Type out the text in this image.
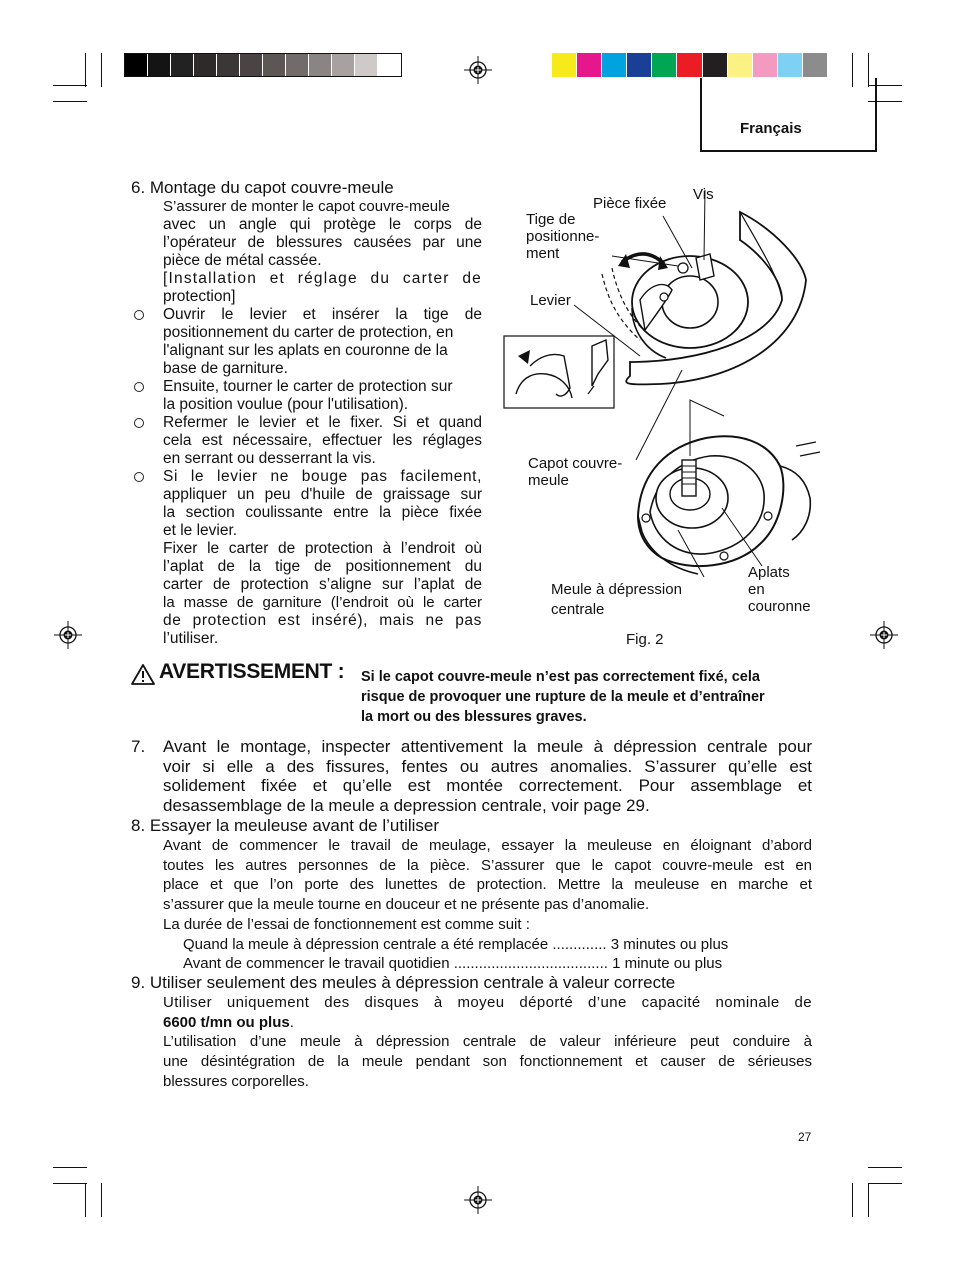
Français
6. Montage du capot couvre-meule
S’assurer de monter le capot couvre-meule
avec un angle qui protège le corps de
l’opérateur de blessures causées par une
pièce de métal cassée.
[Installation et réglage du carter de
protection]
Ouvrir le levier et insérer la tige de
positionnement du carter de protection, en
l'alignant sur les aplats en couronne de la
base de garniture.
Ensuite, tourner le carter de protection sur
la position voulue (pour l'utilisation).
Refermer le levier et le fixer. Si et quand
cela est nécessaire, effectuer les réglages
en serrant ou desserrant la vis.
Si le levier ne bouge pas facilement,
appliquer un peu d'huile de graissage sur
la section coulissante entre la pièce fixée
et le levier.
Fixer le carter de protection à l’endroit où
l’aplat de la tige de positionnement du
carter de protection s’aligne sur l’aplat de
la masse de garniture (l’endroit où le carter
de protection est inséré), mais ne pas
l’utiliser.
Vis
Pièce fixée
Tige de
positionne-
ment
Levier
Capot couvre-
meule
Meule à dépression
centrale
Aplats
en
couronne
Fig. 2
AVERTISSEMENT : Si le capot couvre-meule n’est pas correctement fixé, cela
risque de provoquer une rupture de la meule et d’entraîner
la mort ou des blessures graves.
7. Avant le montage, inspecter attentivement la meule à dépression centrale pour
voir si elle a des fissures, fentes ou autres anomalies. S’assurer qu’elle est
solidement fixée et qu’elle est montée correctement. Pour assemblage et
desassemblage de la meule a depression centrale, voir page 29.
8. Essayer la meuleuse avant de l’utiliser
Avant de commencer le travail de meulage, essayer la meuleuse en éloignant d’abord
toutes les autres personnes de la pièce. S’assurer que le capot couvre-meule est en
place et que l’on porte des lunettes de protection. Mettre la meuleuse en marche et
s’assurer que la meule tourne en douceur et ne présente pas d’anomalie.
La durée de l’essai de fonctionnement est comme suit :
Quand la meule à dépression centrale a été remplacée ............. 3 minutes ou plus
Avant de commencer le travail quotidien ..................................... 1 minute ou plus
9. Utiliser seulement des meules à dépression centrale à valeur correcte
Utiliser uniquement des disques à moyeu déporté d’une capacité nominale de
6600 t/mn ou plus.
L’utilisation d’une meule à dépression centrale de valeur inférieure peut conduire à
une désintégration de la meule pendant son fonctionnement et causer de sérieuses
blessures corporelles.
27
